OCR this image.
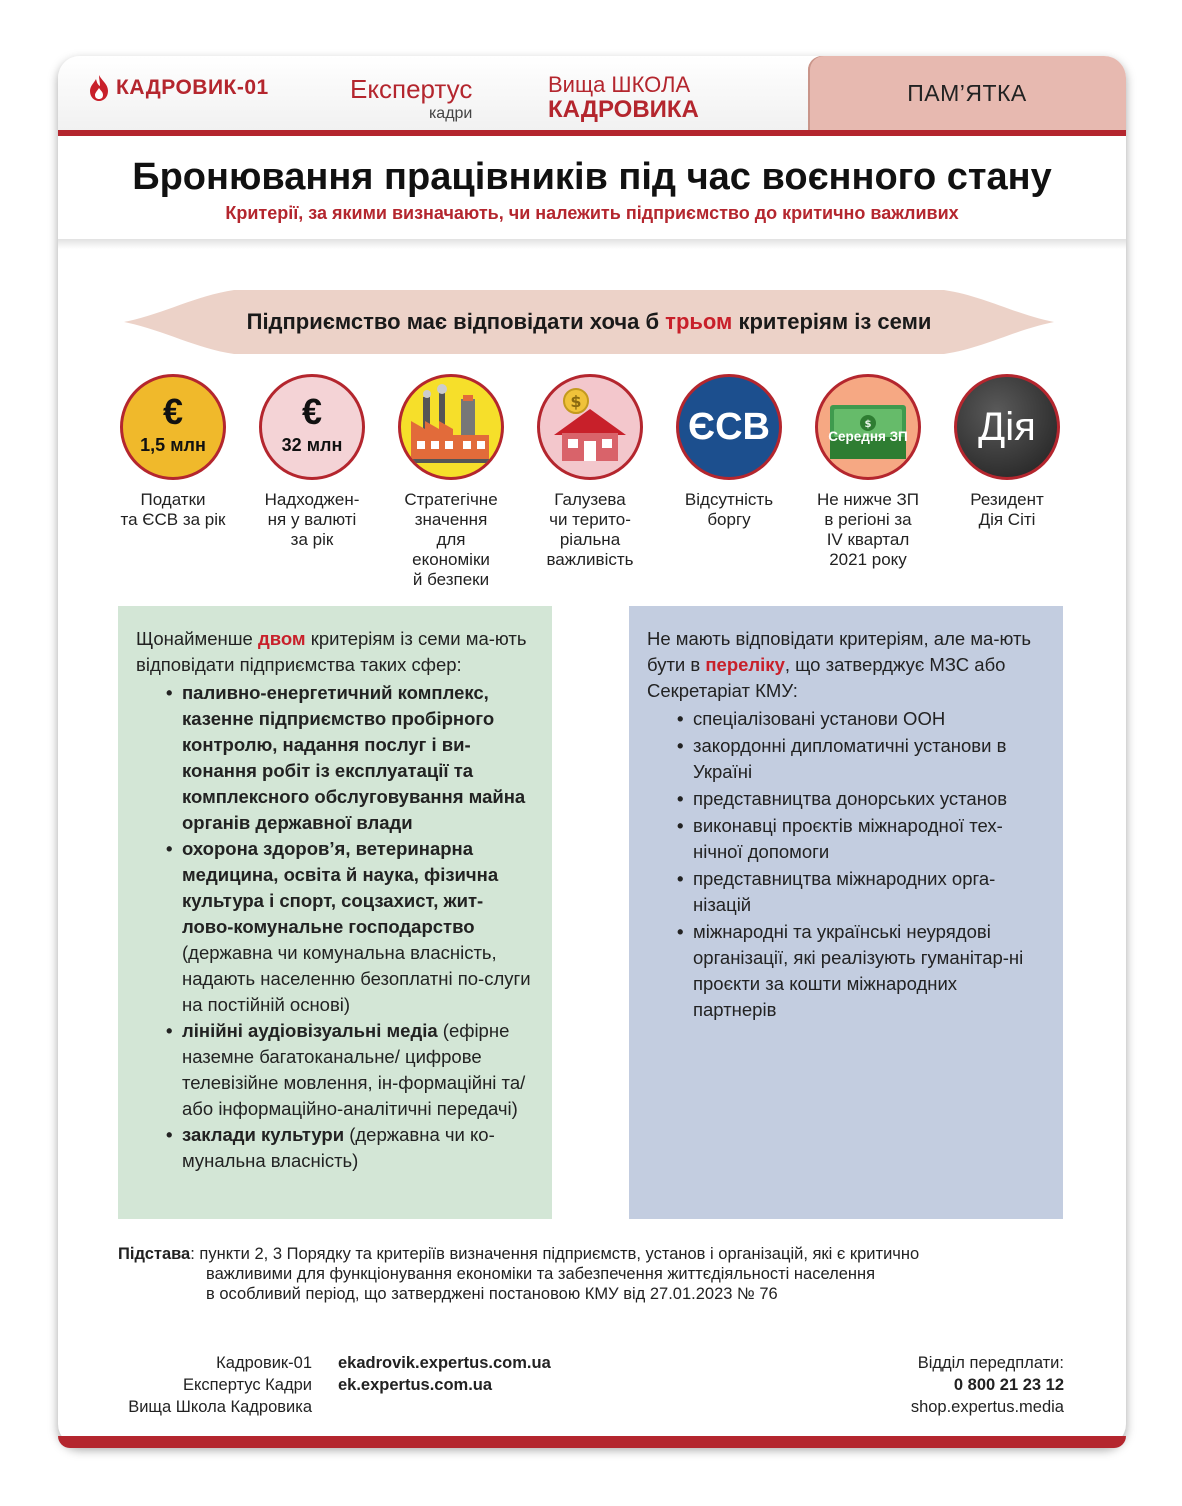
КАДРОВИК-01	Експертус
кадри
Вища ШКОЛА
КАДРОВИКА
ПАМ’ЯТКА
Бронювання працівників під час воєнного стану
Критерії, за якими визначають, чи належить підприємство до критично важливих
Підприємство має відповідати хоча б
трьом
критеріям із семи
€
1,5 млн
Податки
та ЄСВ за рік
€
32 млн
Надходжен-
ня у валюті
за рік
Стратегічне
значення
для
економіки
й безпеки
$
Галузева
чи терито-
ріальна
важливість
ЄСВ
Відсутність
боргу
$
Середня ЗП
Не нижче ЗП
в регіоні за
IV квартал
2021 року
Дія
Резидент
Дія Сіті

Щонайменше двом критеріям із семи ма-ють відповідати підприємства таких сфер:

• паливно-енергетичний комплекс, казенне підприємство пробірного контролю, надання послуг і ви-конання робіт із експлуатації та комплексного обслуговування майна органів державної влади
• охорона здоров’я, ветеринарна медицина, освіта й наука, фізична культура і спорт, соцзахист, жит-лово-комунальне господарство (державна чи комунальна власність, надають населенню безоплатні по-слуги на постійній основі)
• лінійні аудіовізуальні медіа (ефірне наземне багатоканальне/ цифрове телевізійне мовлення, ін-формаційні та/або інформаційно-аналітичні передачі)
• заклади культури (державна чи ко-мунальна власність)

Не мають відповідати критеріям, але ма-ють бути в переліку, що затверджує МЗС або Секретаріат КМУ:

• спеціалізовані установи ООН
• закордонні дипломатичні установи в Україні
• представництва донорських установ
• виконавці проєктів міжнародної тех-нічної допомоги
• представництва міжнародних орга-нізацій
• міжнародні та українські неурядові організації, які реалізують гуманітар-ні проєкти за кошти міжнародних партнерів
Підстава: пункти 2, 3 Порядку та критеріїв визначення підприємств, установ і організацій, які є критично
важливими для функціонування економіки та забезпечення життєдіяльності населення
в особливий період, що затверджені постановою КМУ від 27.01.2023 № 76
Кадровик-01
Експертус Кадри
Вища Школа Кадровика
ekadrovik.expertus.com.ua
ek.expertus.com.ua
Відділ передплати:
0 800 21 23 12
shop.expertus.media
